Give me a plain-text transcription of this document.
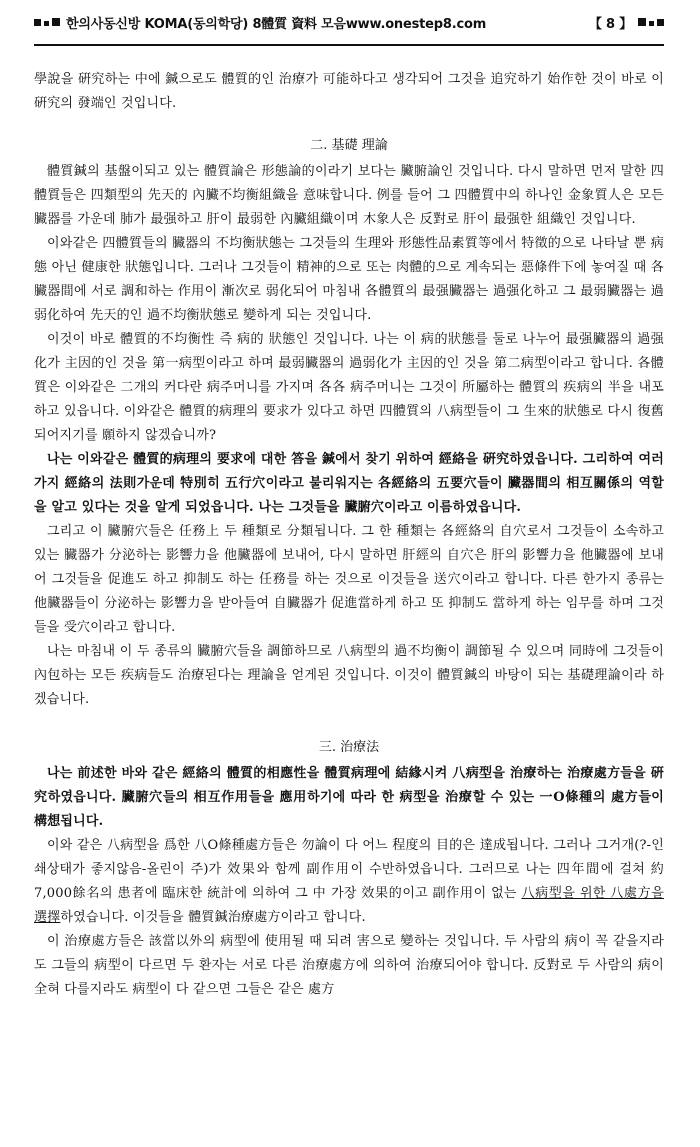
한의사동신방 KOMA(동의학당) 8體質 資料 모음www.onestep8.com	【 8 】

學說을 硏究하는 中에 鍼으로도 體質的인 治療가 可能하다고 생각되어 그것을 追究하기 始作한 것이 바로 이 硏究의 發端인 것입니다.

二. 基礎 理論

體質鍼의 基盤이되고 있는 體質論은 形態論的이라기 보다는 臟腑論인 것입니다. 다시 말하면 먼저 말한 四體質들은 四類型의 先天的 內臟不均衡組織을 意味합니다. 例를 들어 그 四體質中의 하나인 金象質人은 모든 臟器를 가운데 肺가 最强하고 肝이 最弱한 內臟組織이며 木象人은 反對로 肝이 最强한 組織인 것입니다.

이와같은 四體質들의 臟器의 不均衡狀態는 그것들의 生理와 形態性品素質等에서 特徵的으로 나타날 뿐 病態 아닌 健康한 狀態입니다. 그러나 그것들이 精神的으로 또는 肉體的으로 계속되는 惡條件下에 놓여질 때 各臟器間에 서로 調和하는 作用이 漸次로 弱化되어 마침내 各體質의 最强臟器는 過强化하고 그 最弱臟器는 過弱化하여 先天的인 過不均衡狀態로 變하게 되는 것입니다.

이것이 바로 體質的不均衡性 즉 病的 狀態인 것입니다. 나는 이 病的狀態를 둘로 나누어 最强臟器의 過强化가 主因的인 것을 第一病型이라고 하며 最弱臟器의 過弱化가 主因的인 것을 第二病型이라고 합니다. 各體質은 이와같은 二개의 커다란 病주머니를 가지며 各各 病주머니는 그것이 所屬하는 體質의 疾病의 半을 내포하고 있읍니다. 이와같은 體質的病理의 要求가 있다고 하면 四體質의 八病型들이 그 生來的狀態로 다시 復舊되어지기를 願하지 않겠습니까?

나는 이와같은 體質的病理의 要求에 대한 答을 鍼에서 찾기 위하여 經絡을 硏究하였읍니다. 그리하여 여러가지 經絡의 法則가운데 特別히 五行穴이라고 불리워지는 各經絡의 五要穴들이 臟器間의 相互關係의 역할을 알고 있다는 것을 알게 되었읍니다. 나는 그것들을 臟腑穴이라고 이름하였읍니다.

그리고 이 臟腑穴들은 任務上 두 種類로 分類됩니다. 그 한 種類는 各經絡의 自穴로서 그것들이 소속하고 있는 臟器가 分泌하는 影響力을 他臟器에 보내어, 다시 말하면 肝經의 自穴은 肝의 影響力을 他臟器에 보내어 그것들을 促進도 하고 抑制도 하는 任務를 하는 것으로 이것들을 送穴이라고 합니다. 다른 한가지 종류는 他臟器들이 分泌하는 影響力을 받아들여 自臟器가 促進當하게 하고 또 抑制도 當하게 하는 임무를 하며 그것들을 受穴이라고 합니다.

나는 마침내 이 두 종류의 臟腑穴들을 調節하므로 八病型의 過不均衡이 調節될 수 있으며 同時에 그것들이 內包하는 모든 疾病들도 治療된다는 理論을 얻게된 것입니다. 이것이 體質鍼의 바탕이 되는 基礎理論이라 하겠습니다.

三. 治療法

나는 前述한 바와 같은 經絡의 體質的相應性을 體質病理에 結緣시켜 八病型을 治療하는 治療處方들을 硏究하였읍니다. 臟腑穴들의 相互作用들을 應用하기에 따라 한 病型을 治療할 수 있는 一O條種의 處方들이 構想됩니다.

이와 같은 八病型을 爲한 八O條種處方들은 勿論이 다 어느 程度의 目的은 達成됩니다. 그러나 그거개(?-인쇄상태가 좋지않음-올린이 주)가 效果와 함께 副作用이 수반하였읍니다. 그러므로 나는 四年間에 걸쳐 約 7,000餘名의 患者에 臨床한 統計에 의하여 그 中 가장 效果的이고 副作用이 없는 八病型을 위한 八處方을 選擇하였습니다. 이것들을 體質鍼治療處方이라고 합니다.

이 治療處方들은 該當以外의 病型에 使用될 때 되려 害으로 變하는 것입니다. 두 사람의 病이 꼭 같을지라도 그들의 病型이 다르면 두 환자는 서로 다른 治療處方에 의하여 治療되어야 합니다. 反對로 두 사람의 病이 全혀 다를지라도 病型이 다 같으면 그들은 같은 處方
